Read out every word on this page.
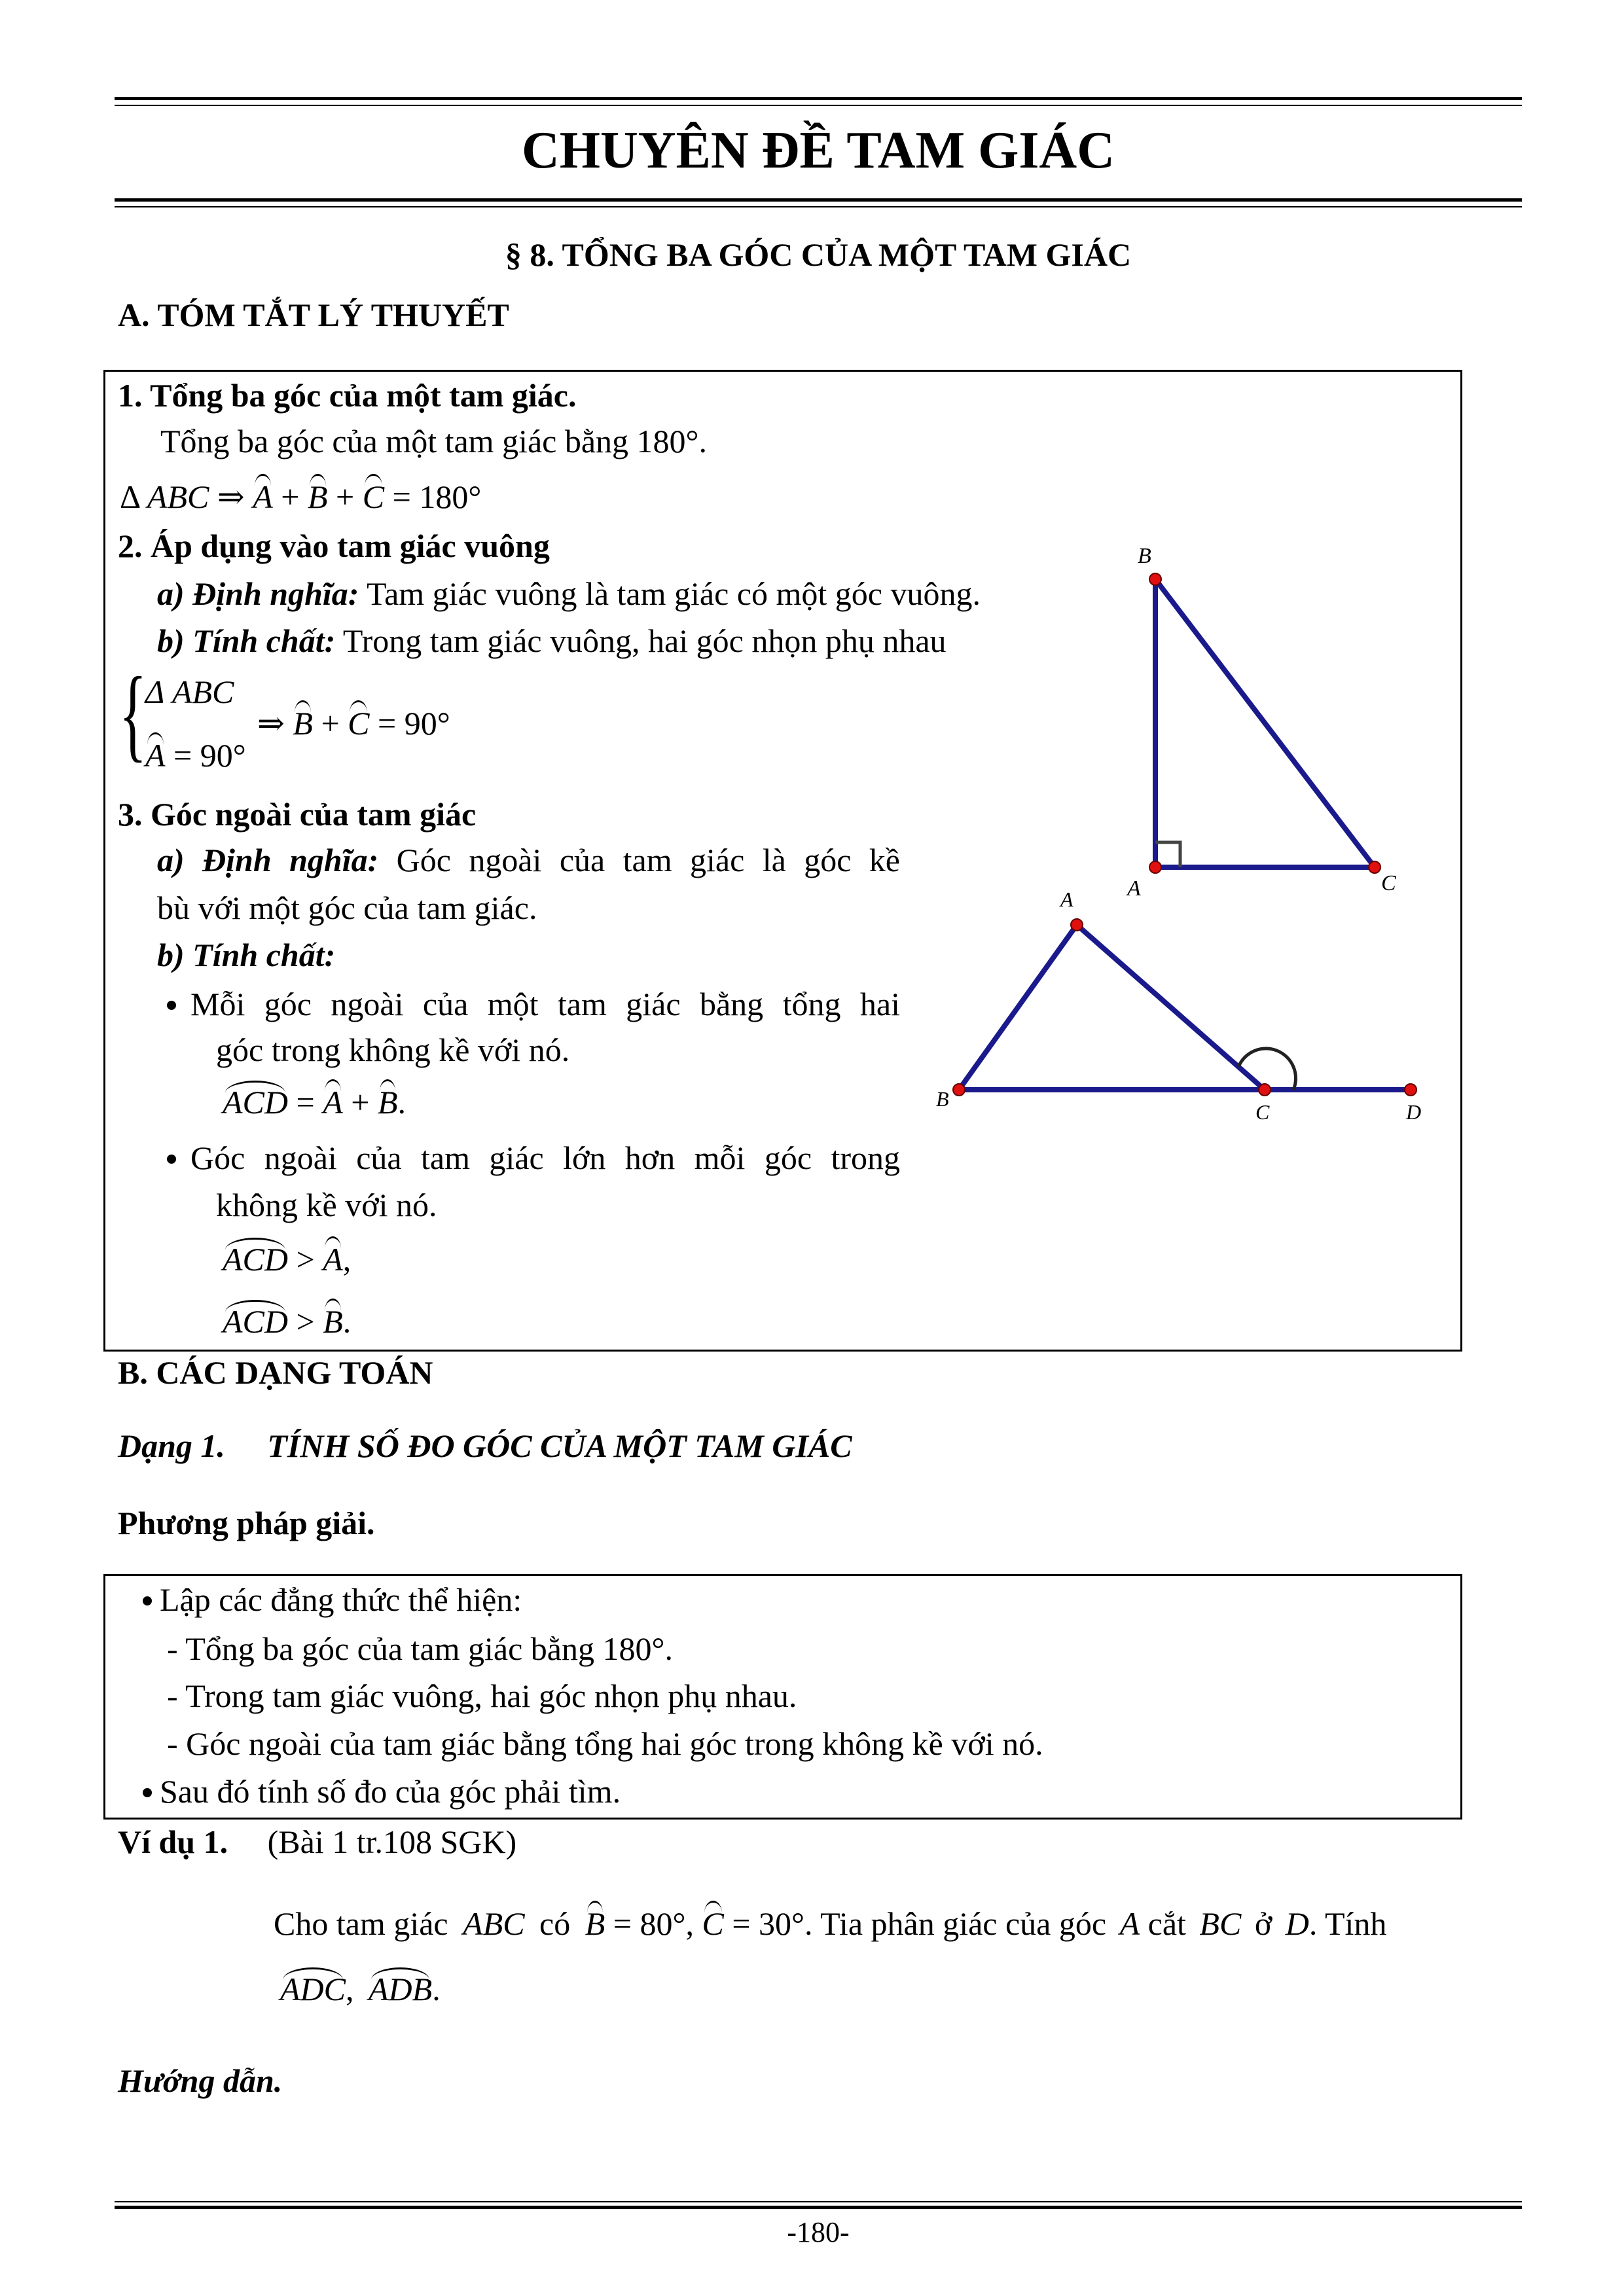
CHUYÊN ĐỀ TAM GIÁC
§ 8. TỔNG BA GÓC CỦA MỘT TAM GIÁC
A. TÓM TẮT LÝ THUYẾT
1. Tổng ba góc của một tam giác.
Tổng ba góc của một tam giác bằng 180°.
Δ ABC ⇒ A + B + C = 180°
2. Áp dụng vào tam giác vuông
a) Định nghĩa: Tam giác vuông là tam giác có một góc vuông.
b) Tính chất: Trong tam giác vuông, hai góc nhọn phụ nhau
{
Δ ABC
A = 90°
⇒ B + C = 90°
3. Góc ngoài của tam giác
a) Định nghĩa: Góc ngoài của tam giác là góc kề
bù với một góc của tam giác.
b) Tính chất:
Mỗi góc ngoài của một tam giác bằng tổng hai
góc trong không kề với nó.
ACD = A + B.
Góc ngoài của tam giác lớn hơn mỗi góc trong
không kề với nó.
ACD > A,
ACD > B.
B
A	C
A
B
C	D
B. CÁC DẠNG TOÁN
Dạng 1. TÍNH SỐ ĐO GÓC CỦA MỘT TAM GIÁC
Phương pháp giải.
Lập các đẳng thức thể hiện:
- Tổng ba góc của tam giác bằng 180°.
- Trong tam giác vuông, hai góc nhọn phụ nhau.
- Góc ngoài của tam giác bằng tổng hai góc trong không kề với nó.
Sau đó tính số đo của góc phải tìm.
Ví dụ 1. (Bài 1 tr.108 SGK)
Cho tam giác ABC có B = 80°, C = 30°. Tia phân giác của góc A cắt BC ở D. Tính
ADC, ADB.
Hướng dẫn.
-180-
